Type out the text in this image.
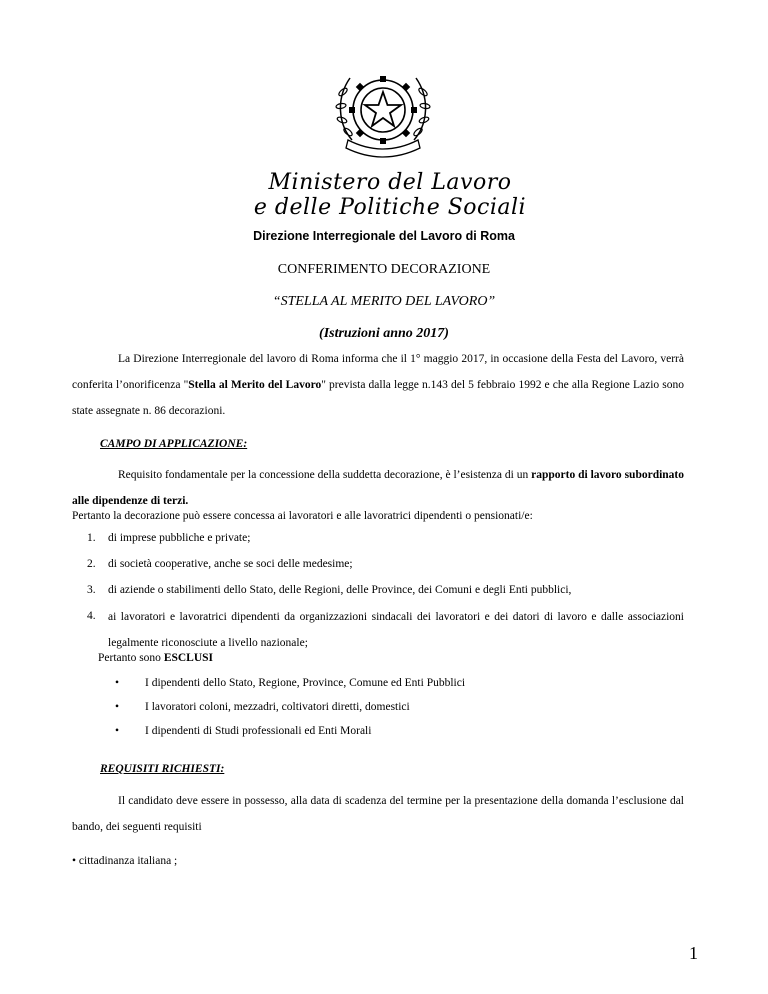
Ministero del Lavoro
e delle Politiche Sociali
Direzione Interregionale del Lavoro di Roma
CONFERIMENTO DECORAZIONE
“STELLA AL MERITO DEL LAVORO”
(Istruzioni anno 2017)
La Direzione Interregionale del lavoro di Roma informa che il 1° maggio 2017, in occasione della Festa del Lavoro, verrà conferita l’onorificenza "Stella al Merito del Lavoro" prevista dalla legge n.143 del 5 febbraio 1992 e che alla Regione Lazio sono state assegnate n. 86 decorazioni.
CAMPO DI APPLICAZIONE:
Requisito fondamentale per la concessione della suddetta decorazione, è l’esistenza di un rapporto di lavoro subordinato alle dipendenze di terzi.
Pertanto la decorazione può essere concessa ai lavoratori e alle lavoratrici dipendenti o pensionati/e:
1. di imprese pubbliche e private;
2. di società cooperative, anche se soci delle medesime;
3. di aziende o stabilimenti dello Stato, delle Regioni, delle Province, dei Comuni e degli Enti pubblici,
4. ai lavoratori e lavoratrici dipendenti da organizzazioni sindacali dei lavoratori e dei datori di lavoro e dalle associazioni legalmente riconosciute a livello nazionale;
Pertanto sono ESCLUSI
• I dipendenti dello Stato, Regione, Province, Comune ed Enti Pubblici
• I lavoratori coloni, mezzadri, coltivatori diretti, domestici
• I dipendenti di Studi professionali ed Enti Morali
REQUISITI RICHIESTI:
Il candidato deve essere in possesso, alla data di scadenza del termine per la presentazione della domanda l’esclusione dal bando, dei seguenti requisiti
• cittadinanza italiana ;
1
